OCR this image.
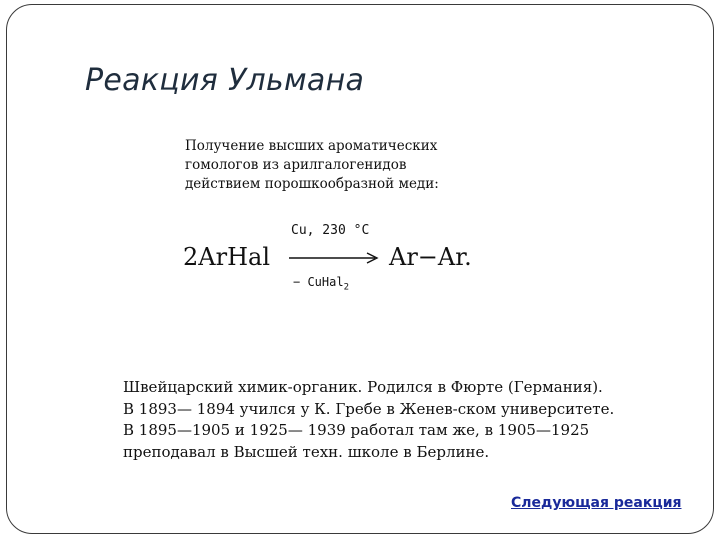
Реакция Ульмана
Получение высших ароматических
гомологов из арилгалогенидов
действием порошкообразной меди:
2ArHal
Cu, 230 °C
− CuHal$_2$
Ar−Ar.
Швейцарский химик-органик. Родился в Фюрте (Германия).
В 1893— 1894 учился у К. Гребе в Женев-ском университете.
В 1895—1905 и 1925— 1939 работал там же, в 1905—1925
преподавал в Высшей техн. школе в Берлине.
Следующая реакция
